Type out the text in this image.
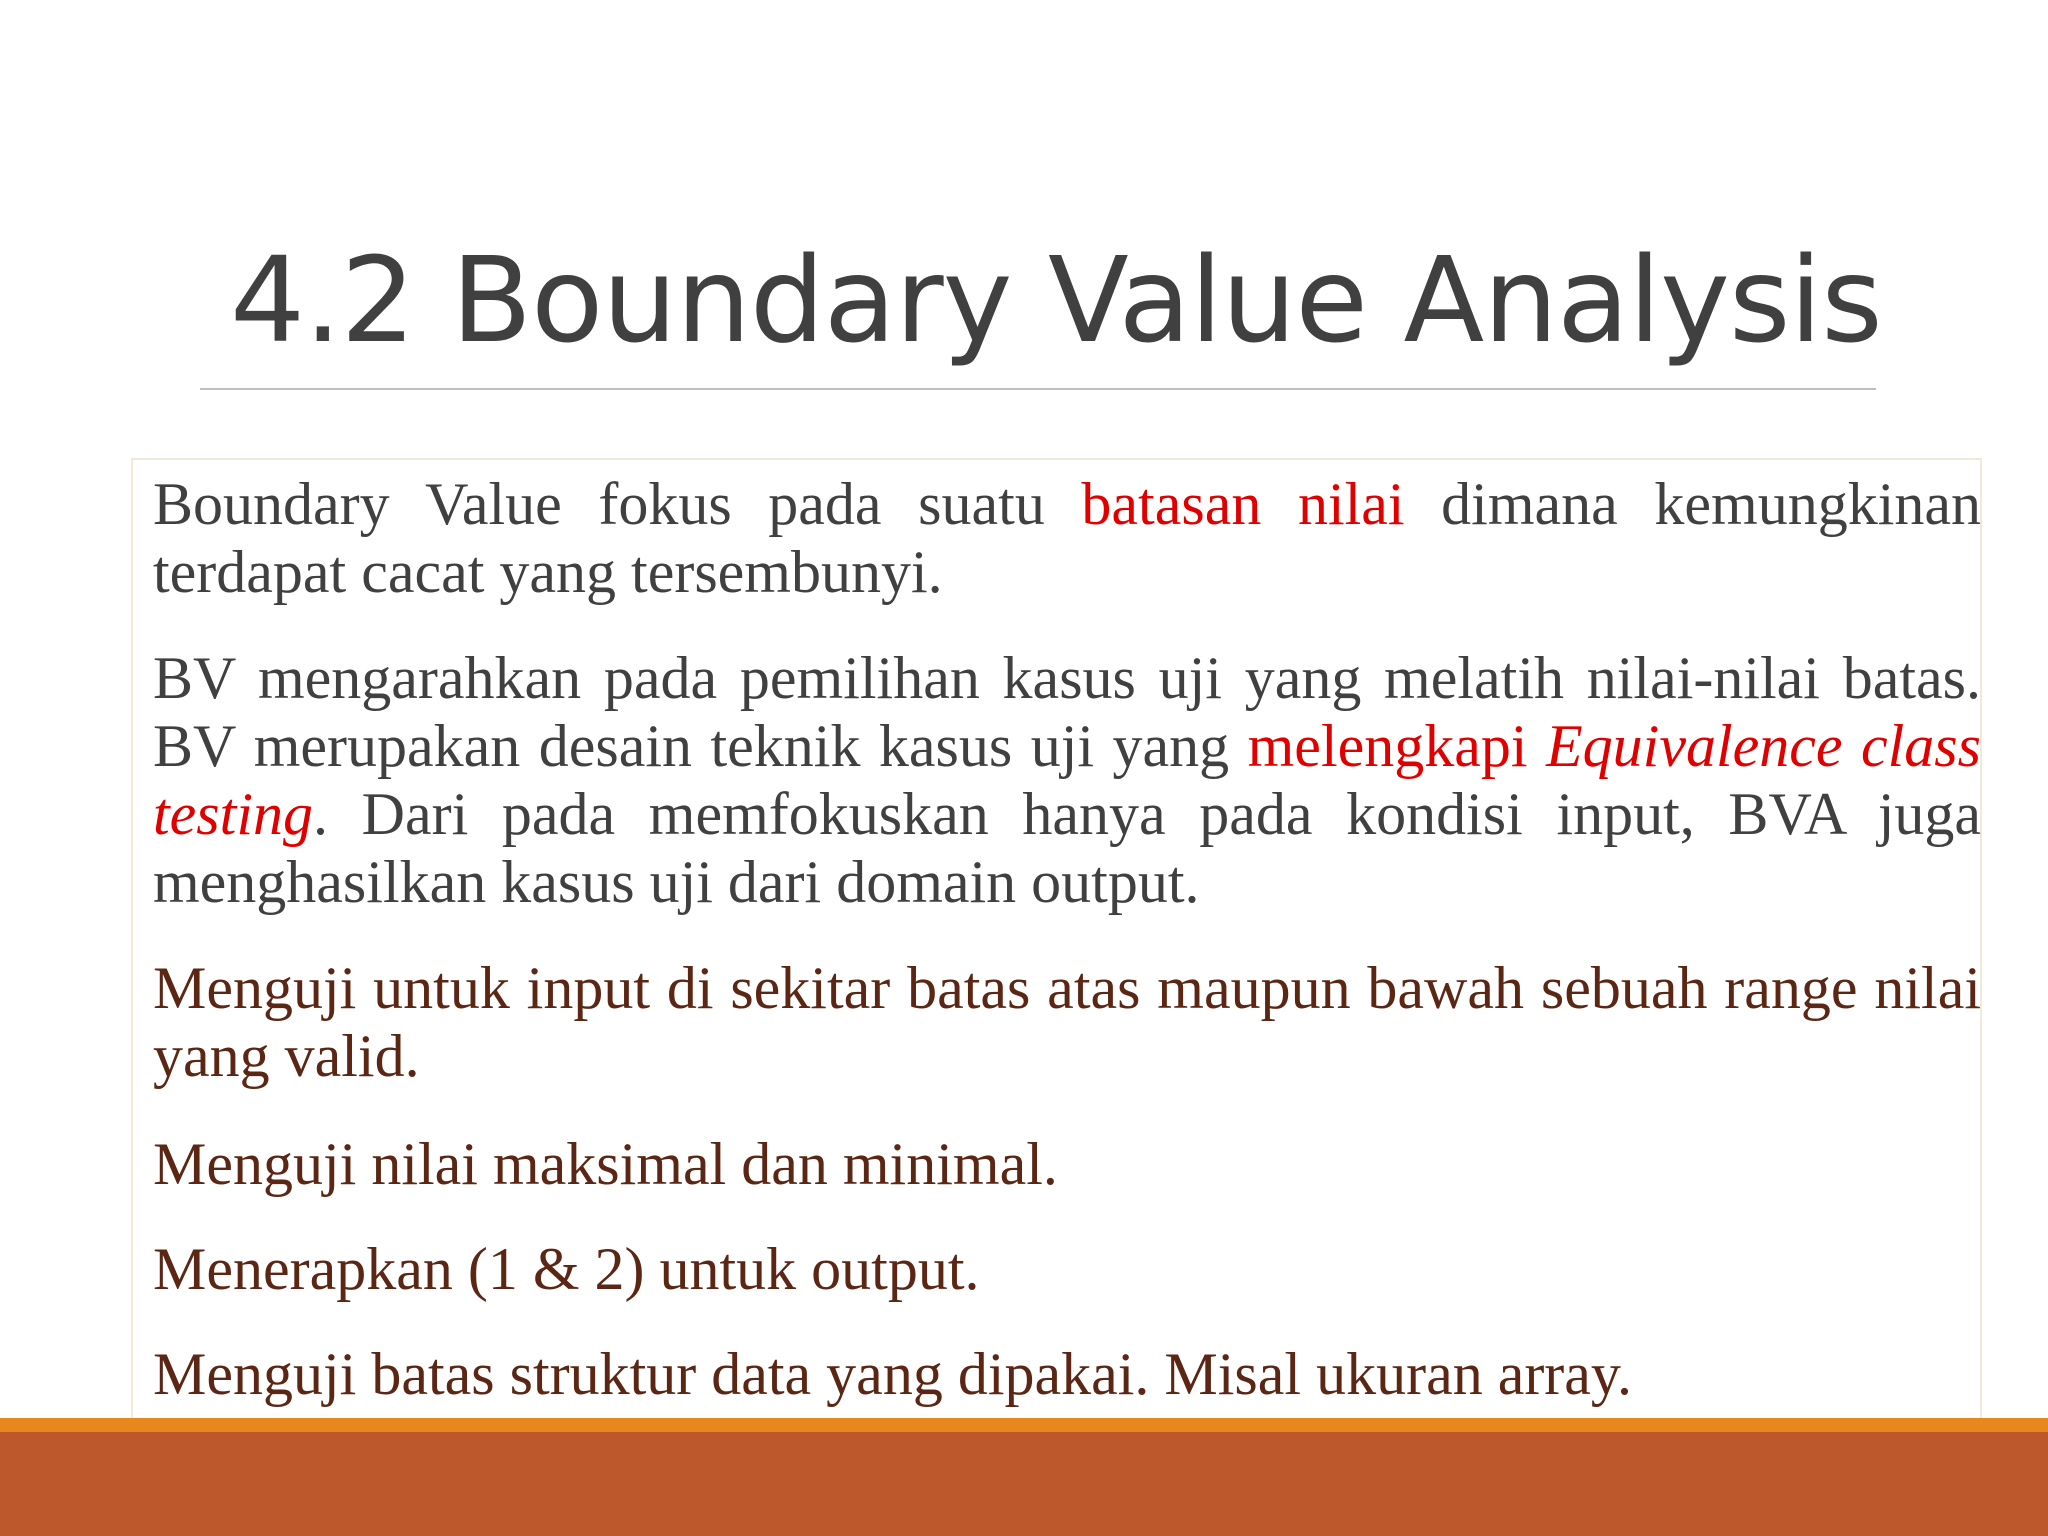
4.2 Boundary Value Analysis

Boundary Value fokus pada suatu batasan nilai dimana kemungkinan terdapat cacat yang tersembunyi.

BV mengarahkan pada pemilihan kasus uji yang melatih nilai-nilai batas. BV merupakan desain teknik kasus uji yang melengkapi Equivalence class testing. Dari pada memfokuskan hanya pada kondisi input, BVA juga menghasilkan kasus uji dari domain output.

Menguji untuk input di sekitar batas atas maupun bawah sebuah range nilai yang valid.

Menguji nilai maksimal dan minimal.

Menerapkan (1 & 2) untuk output.

Menguji batas struktur data yang dipakai. Misal ukuran array.
